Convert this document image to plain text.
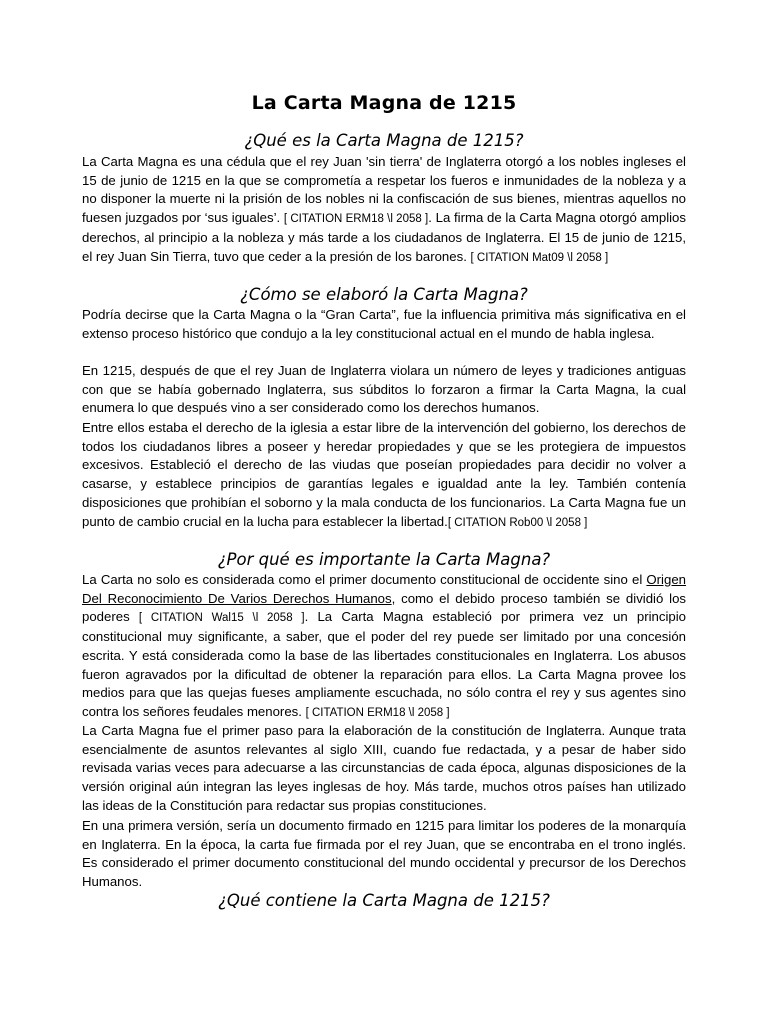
La Carta Magna de 1215
¿Qué es la Carta Magna de 1215?
La Carta Magna es una cédula que el rey Juan 'sin tierra' de Inglaterra otorgó a los nobles ingleses el 15 de junio de 1215 en la que se comprometía a respetar los fueros e inmunidades de la nobleza y a no disponer la muerte ni la prisión de los nobles ni la confiscación de sus bienes, mientras aquellos no fuesen juzgados por ‘sus iguales’. [ CITATION ERM18 \l 2058 ]. La firma de la Carta Magna otorgó amplios derechos, al principio a la nobleza y más tarde a los ciudadanos de Inglaterra. El 15 de junio de 1215, el rey Juan Sin Tierra, tuvo que ceder a la presión de los barones. [ CITATION Mat09 \l 2058 ]
¿Cómo se elaboró la Carta Magna?
Podría decirse que la Carta Magna o la “Gran Carta”, fue la influencia primitiva más significativa en el extenso proceso histórico que condujo a la ley constitucional actual en el mundo de habla inglesa.
En 1215, después de que el rey Juan de Inglaterra violara un número de leyes y tradiciones antiguas con que se había gobernado Inglaterra, sus súbditos lo forzaron a firmar la Carta Magna, la cual enumera lo que después vino a ser considerado como los derechos humanos.
Entre ellos estaba el derecho de la iglesia a estar libre de la intervención del gobierno, los derechos de todos los ciudadanos libres a poseer y heredar propiedades y que se les protegiera de impuestos excesivos. Estableció el derecho de las viudas que poseían propiedades para decidir no volver a casarse, y establece principios de garantías legales e igualdad ante la ley. También contenía disposiciones que prohibían el soborno y la mala conducta de los funcionarios. La Carta Magna fue un punto de cambio crucial en la lucha para establecer la libertad.[ CITATION Rob00 \l 2058 ]
¿Por qué es importante la Carta Magna?
La Carta no solo es considerada como el primer documento constitucional de occidente sino el Origen Del Reconocimiento De Varios Derechos Humanos, como el debido proceso también se dividió los poderes [ CITATION Wal15 \l 2058 ]. La Carta Magna estableció por primera vez un principio constitucional muy significante, a saber, que el poder del rey puede ser limitado por una concesión escrita. Y está considerada como la base de las libertades constitucionales en Inglaterra. Los abusos fueron agravados por la dificultad de obtener la reparación para ellos. La Carta Magna provee los medios para que las quejas fueses ampliamente escuchada, no sólo contra el rey y sus agentes sino contra los señores feudales menores. [ CITATION ERM18 \l 2058 ]
La Carta Magna fue el primer paso para la elaboración de la constitución de Inglaterra. Aunque trata esencialmente de asuntos relevantes al siglo XIII, cuando fue redactada, y a pesar de haber sido revisada varias veces para adecuarse a las circunstancias de cada época, algunas disposiciones de la versión original aún integran las leyes inglesas de hoy. Más tarde, muchos otros países han utilizado las ideas de la Constitución para redactar sus propias constituciones.
En una primera versión, sería un documento firmado en 1215 para limitar los poderes de la monarquía en Inglaterra. En la época, la carta fue firmada por el rey Juan, que se encontraba en el trono inglés. Es considerado el primer documento constitucional del mundo occidental y precursor de los Derechos Humanos.
¿Qué contiene la Carta Magna de 1215?
